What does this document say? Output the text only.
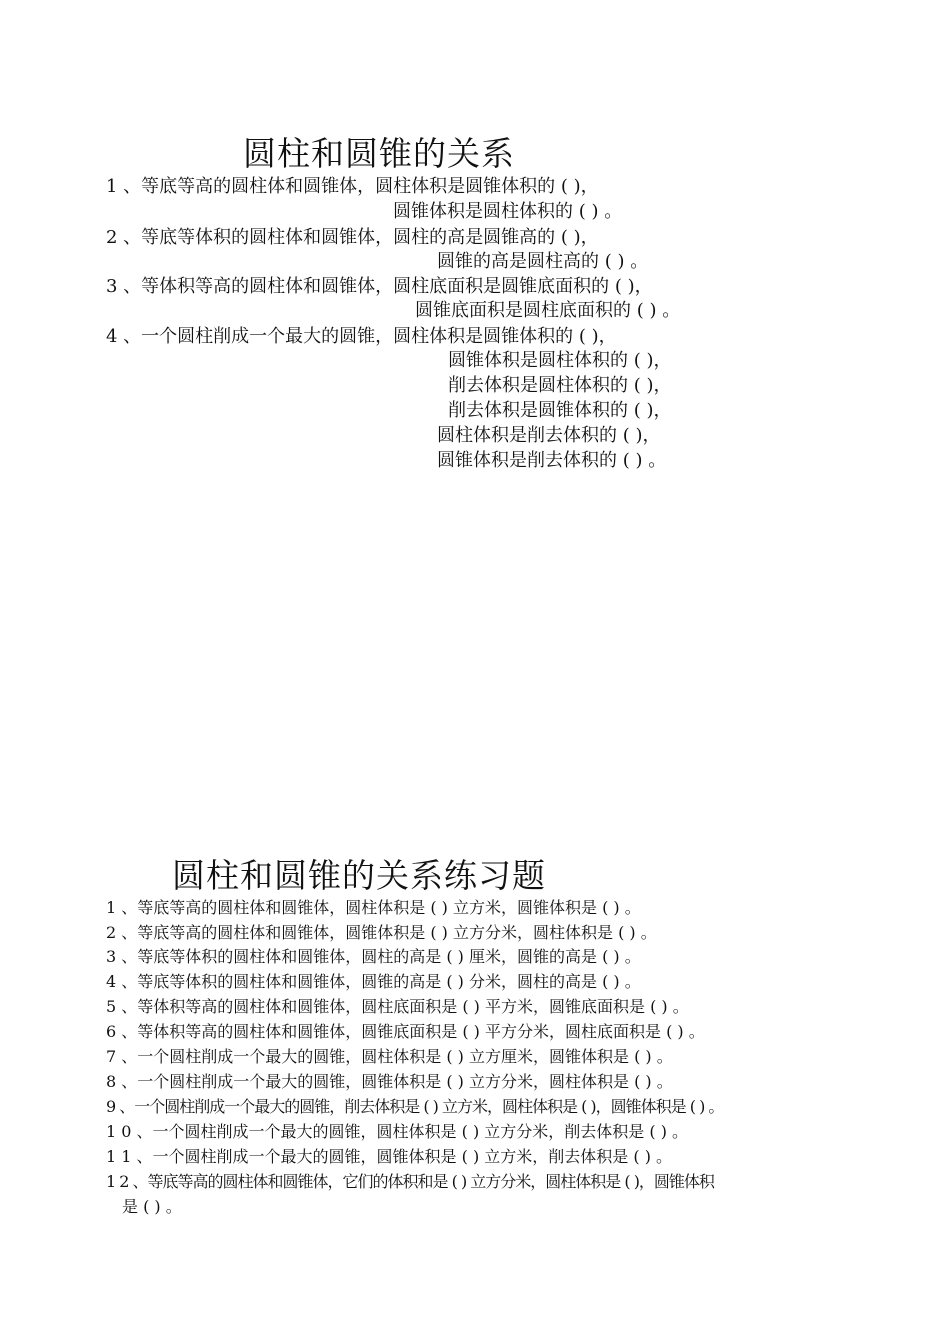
圆柱和圆锥的关系
1 、等底等高的圆柱体和圆锥体，圆柱体积是圆锥体积的 ( )，
圆锥体积是圆柱体积的 ( ) 。
2 、等底等体积的圆柱体和圆锥体，圆柱的高是圆锥高的 ( )，
圆锥的高是圆柱高的 ( ) 。
3 、等体积等高的圆柱体和圆锥体，圆柱底面积是圆锥底面积的 ( )，
圆锥底面积是圆柱底面积的 ( ) 。
4 、一个圆柱削成一个最大的圆锥，圆柱体积是圆锥体积的 ( )，
圆锥体积是圆柱体积的 ( )，
削去体积是圆柱体积的 ( )，
削去体积是圆锥体积的 ( )，
圆柱体积是削去体积的 ( )，
圆锥体积是削去体积的 ( ) 。
圆柱和圆锥的关系练习题
1 、等底等高的圆柱体和圆锥体，圆柱体积是 ( ) 立方米，圆锥体积是 ( ) 。
2 、等底等高的圆柱体和圆锥体，圆锥体积是 ( ) 立方分米，圆柱体积是 ( ) 。
3 、等底等体积的圆柱体和圆锥体，圆柱的高是 ( ) 厘米，圆锥的高是 ( ) 。
4 、等底等体积的圆柱体和圆锥体，圆锥的高是 ( ) 分米，圆柱的高是 ( ) 。
5 、等体积等高的圆柱体和圆锥体，圆柱底面积是 ( ) 平方米，圆锥底面积是 ( ) 。
6 、等体积等高的圆柱体和圆锥体，圆锥底面积是 ( ) 平方分米，圆柱底面积是 ( ) 。
7 、一个圆柱削成一个最大的圆锥，圆柱体积是 ( ) 立方厘米，圆锥体积是 ( ) 。
8 、一个圆柱削成一个最大的圆锥，圆锥体积是 ( ) 立方分米，圆柱体积是 ( ) 。
9 、一个圆柱削成一个最大的圆锥，削去体积是 ( ) 立方米，圆柱体积是 ( )，圆锥体积是 ( ) 。
1 0 、一个圆柱削成一个最大的圆锥，圆柱体积是 ( ) 立方分米，削去体积是 ( ) 。
1 1 、一个圆柱削成一个最大的圆锥，圆锥体积是 ( ) 立方米，削去体积是 ( ) 。
1 2 、等底等高的圆柱体和圆锥体，它们的体积和是 ( ) 立方分米，圆柱体积是 ( )，圆锥体积
是 ( ) 。
